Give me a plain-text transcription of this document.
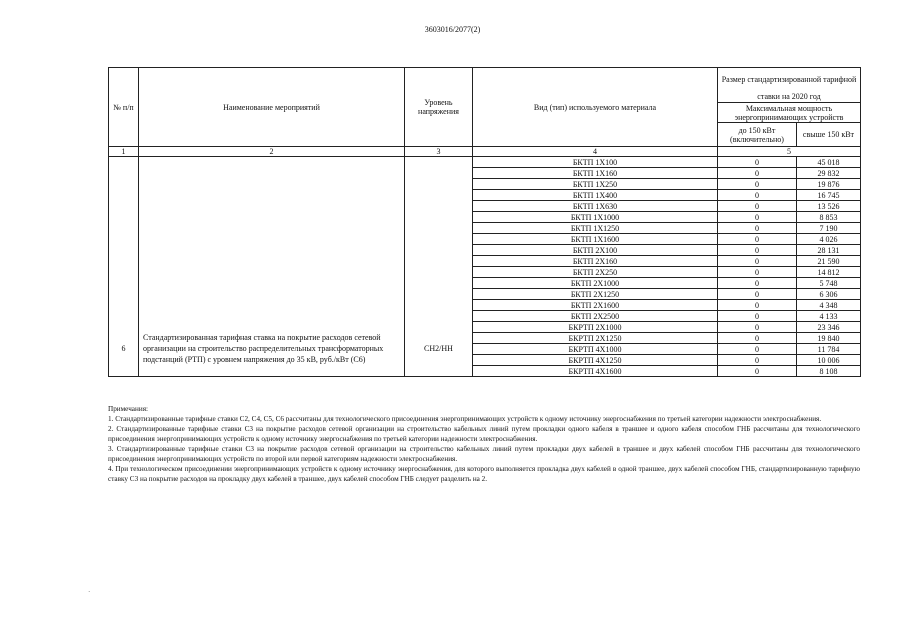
3603016/2077(2)
№ п/п	Наименование мероприятий	Уровень напряжения	Вид (тип) используемого материала	Размер стандартизированной тарифной	

				ставки на 2020 год	

				Максимальная мощность
энергопринимающих устройств	

				до 150 кВт (включительно)	свыше 150 кВт
1	2	3	4	5	
			БКТП 1Х100	0	45 018
			БКТП 1Х160	0	29 832
			БКТП 1Х250	0	19 876
			БКТП 1Х400	0	16 745
			БКТП 1Х630	0	13 526
			БКТП 1Х1000	0	8 853
			БКТП 1Х1250	0	7 190
			БКТП 1Х1600	0	4 026
			БКТП 2Х100	0	28 131
			БКТП 2Х160	0	21 590
			БКТП 2Х250	0	14 812
			БКТП 2Х1000	0	5 748
			БКТП 2Х1250	0	6 306
			БКТП 2Х1600	0	4 348
			БКТП 2Х2500	0	4 133
6	Стандартизированная тарифная ставка на покрытие расходов сетевой организации на строительство распределительных трансформаторных подстанций (РТП) с уровнем напряжения до 35 кВ, руб./кВт (С6)	СН2/НН	БКРТП 2Х1000	0	23 346
			БКРТП 2Х1250	0	19 840
			БКРТП 4Х1000	0	11 784
			БКРТП 4Х1250	0	10 006
			БКРТП 4Х1600	0	8 108

Примечания:

1. Стандартизированные тарифные ставки С2, С4, С5, С6 рассчитаны для технологического присоединения энергопринимающих устройств к одному источнику энергоснабжения по третьей категории надежности электроснабжения.

2. Стандартизированные тарифные ставки С3 на покрытие расходов сетевой организации на строительство кабельных линий путем прокладки одного кабеля в траншее и одного кабеля способом ГНБ рассчитаны для технологического присоединения энергопринимающих устройств к одному источнику энергоснабжения по третьей категории надежности электроснабжения.

3. Стандартизированные тарифные ставки С3 на покрытие расходов сетевой организации на строительство кабельных линий путем прокладки двух кабелей в траншее и двух кабелей способом ГНБ рассчитаны для технологического присоединения энергопринимающих устройств по второй или первой категориям надежности электроснабжения.

4. При технологическом присоединении энергопринимающих устройств к одному источнику энергоснабжения, для которого выполняется прокладка двух кабелей в одной траншее, двух кабелей способом ГНБ, стандартизированную тарифную ставку С3 на покрытие расходов на прокладку двух кабелей в траншее, двух кабелей способом ГНБ следует разделить на 2.

·
